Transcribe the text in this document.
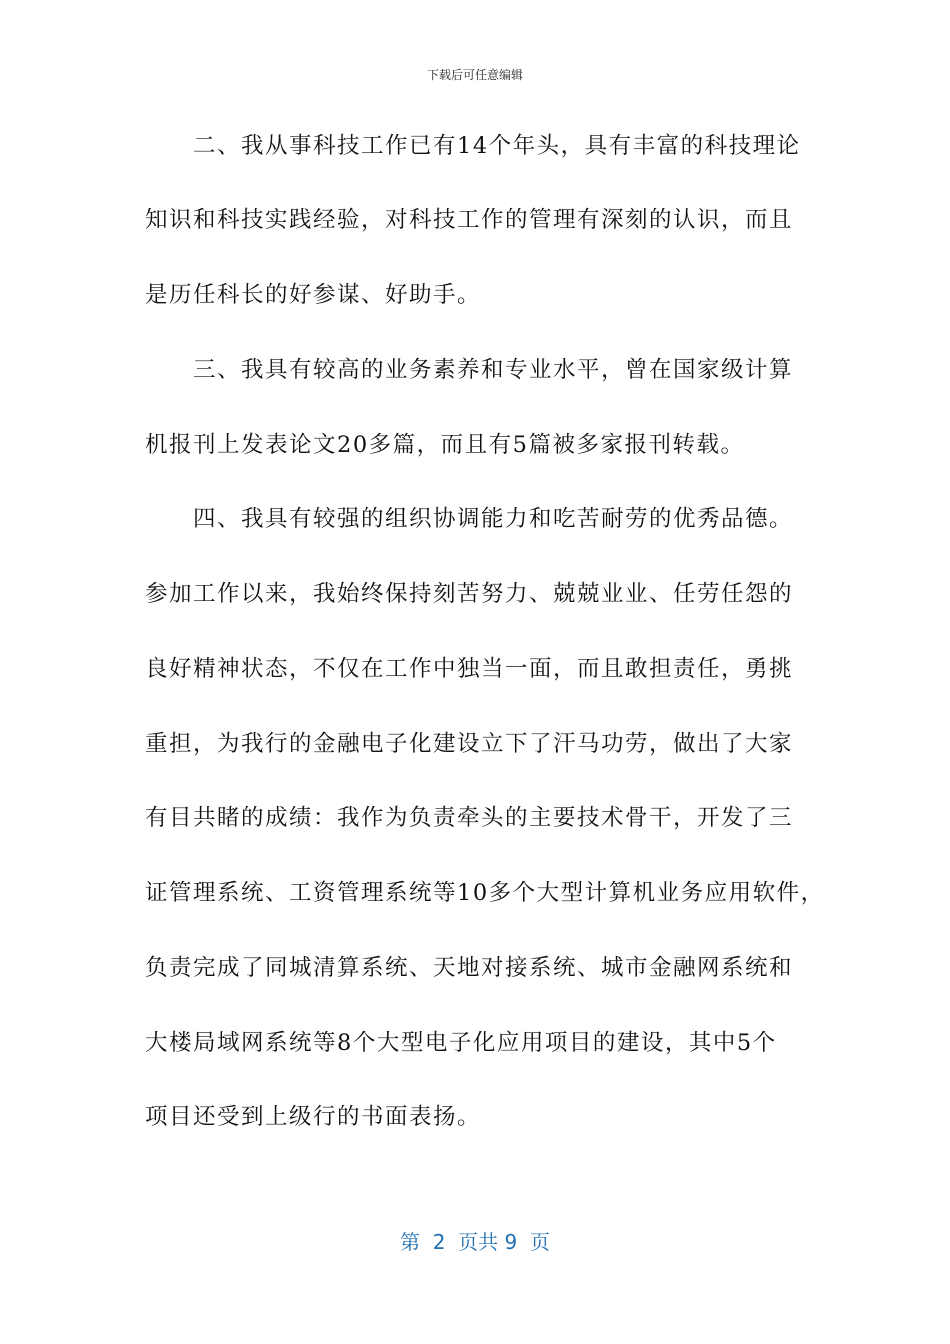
下载后可任意编辑
　　二、我从事科技工作已有14个年头，具有丰富的科技理论
知识和科技实践经验，对科技工作的管理有深刻的认识，而且
是历任科长的好参谋、好助手。
　　三、我具有较高的业务素养和专业水平，曾在国家级计算
机报刊上发表论文20多篇，而且有5篇被多家报刊转载。
　　四、我具有较强的组织协调能力和吃苦耐劳的优秀品德。
参加工作以来，我始终保持刻苦努力、兢兢业业、任劳任怨的
良好精神状态，不仅在工作中独当一面，而且敢担责任，勇挑
重担，为我行的金融电子化建设立下了汗马功劳，做出了大家
有目共睹的成绩：我作为负责牵头的主要技术骨干，开发了三
证管理系统、工资管理系统等10多个大型计算机业务应用软件，
负责完成了同城清算系统、天地对接系统、城市金融网系统和
大楼局域网系统等8个大型电子化应用项目的建设，其中5个
项目还受到上级行的书面表扬。
第  2  页共 9  页
